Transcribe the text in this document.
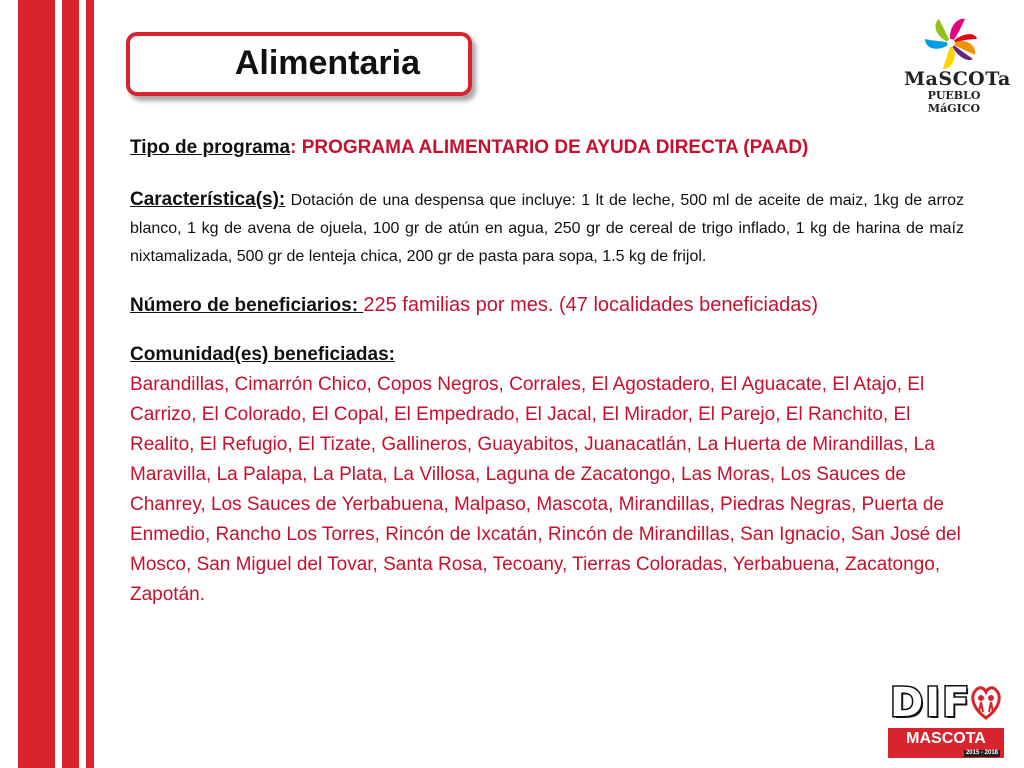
Alimentaria	MaSCOTa
PUEBLO MáGICO
Tipo de programa: PROGRAMA ALIMENTARIO DE AYUDA DIRECTA (PAAD)
Característica(s): Dotación de una despensa que incluye: 1 lt de leche, 500 ml de aceite de maiz, 1kg de arroz blanco, 1 kg de avena de ojuela, 100 gr de atún en agua, 250 gr de cereal de trigo inflado, 1 kg de harina de maíz nixtamalizada, 500 gr de lenteja chica, 200 gr de pasta para sopa, 1.5 kg de frijol.
Número de beneficiarios: 225 familias por mes. (47 localidades beneficiadas)
Comunidad(es) beneficiadas:
Barandillas, Cimarrón Chico, Copos Negros, Corrales, El Agostadero, El Aguacate, El Atajo, El Carrizo, El Colorado, El Copal, El Empedrado, El Jacal, El Mirador, El Parejo, El Ranchito, El Realito, El Refugio, El Tizate, Gallineros, Guayabitos, Juanacatlán, La Huerta de Mirandillas, La Maravilla, La Palapa, La Plata, La Villosa, Laguna de Zacatongo, Las Moras, Los Sauces de Chanrey, Los Sauces de Yerbabuena, Malpaso, Mascota, Mirandillas, Piedras Negras, Puerta de Enmedio, Rancho Los Torres, Rincón de Ixcatán, Rincón de Mirandillas, San Ignacio, San José del Mosco, San Miguel del Tovar, Santa Rosa, Tecoany, Tierras Coloradas, Yerbabuena, Zacatongo, Zapotán.
DIF
MASCOTA
2015 - 2018
